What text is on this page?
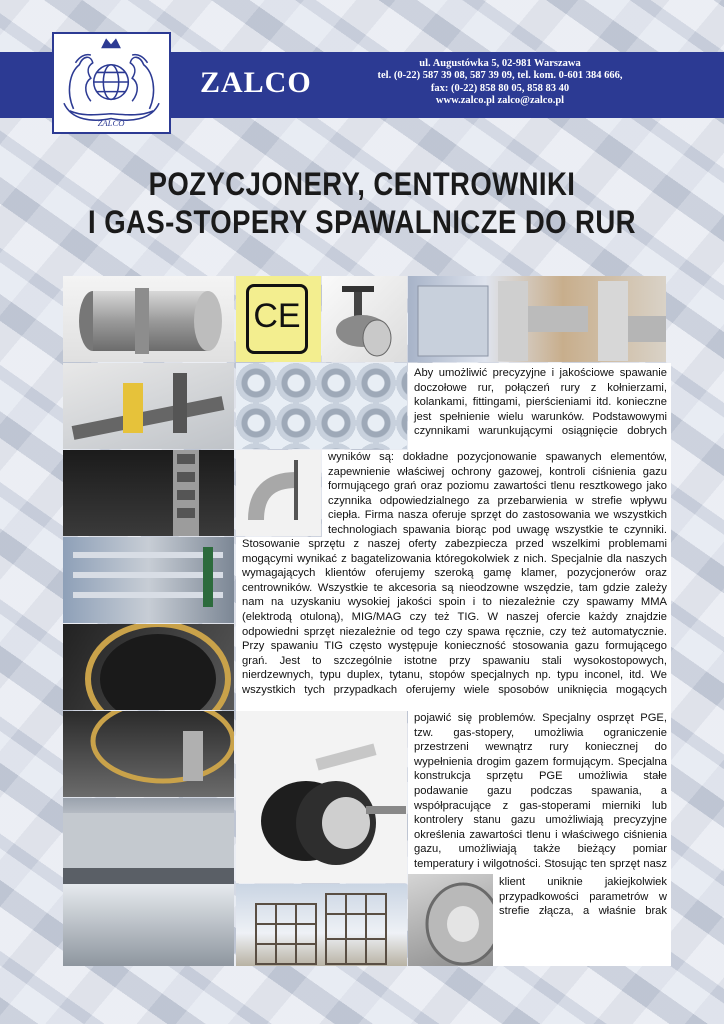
ZALCO
ZALCO
ul. Augustówka 5, 02-981 Warszawa
tel. (0-22) 587 39 08, 587 39 09, tel. kom. 0-601 384 666,
fax: (0-22) 858 80 05, 858 83 40
www.zalco.pl zalco@zalco.pl
POZYCJONERY, CENTROWNIKI
I GAS-STOPERY SPAWALNICZE DO RUR
CE
Aby umożliwić precyzyjne i jakościowe spawanie
doczołowe rur, połączeń rury z kołnierzami,
kolankami, fittingami, pierścieniami itd. konieczne
jest spełnienie wielu warunków. Podstawowymi
czynnikami warunkującymi osiągnięcie dobrych
wyników są: dokładne pozycjonowanie spawanych elementów,
zapewnienie właściwej ochrony gazowej, kontroli ciśnienia gazu
formującego grań oraz poziomu zawartości tlenu resztkowego jako
czynnika odpowiedzialnego za przebarwienia w strefie wpływu
ciepła. Firma nasza oferuje sprzęt do zastosowania we wszystkich
technologiach spawania biorąc pod uwagę wszystkie te czynniki.
Stosowanie sprzętu z naszej oferty zabezpiecza przed wszelkimi problemami
mogącymi wynikać z bagatelizowania któregokolwiek z nich. Specjalnie dla naszych
wymagających klientów oferujemy szeroką gamę klamer, pozycjonerów oraz
centrowników. Wszystkie te akcesoria są nieodzowne wszędzie, tam gdzie zależy
nam na uzyskaniu wysokiej jakości spoin i to niezależnie czy spawamy MMA
(elektrodą otuloną), MIG/MAG czy też TIG. W naszej ofercie każdy znajdzie
odpowiedni sprzęt niezależnie od tego czy spawa ręcznie, czy też automatycznie.
Przy spawaniu TIG często występuje konieczność stosowania gazu formującego
grań. Jest to szczególnie istotne przy spawaniu stali wysokostopowych,
nierdzewnych, typu duplex, tytanu, stopów specjalnych np. typu inconel, itd. We
wszystkich tych przypadkach oferujemy wiele sposobów uniknięcia mogących
pojawić się problemów. Specjalny osprzęt PGE,
tzw. gas-stopery, umożliwia ograniczenie
przestrzeni wewnątrz rury koniecznej do
wypełnienia drogim gazem formującym. Specjalna
konstrukcja sprzętu PGE umożliwia stałe
podawanie gazu podczas spawania, a
współpracujące z gas-stoperami mierniki lub
kontrolery stanu gazu umożliwiają precyzyjne
określenia zawartości tlenu i właściwego ciśnienia
gazu, umożliwiają także bieżący pomiar
temperatury i wilgotności. Stosując ten sprzęt nasz
klient uniknie jakiejkolwiek
przypadkowości parametrów w
strefie złącza, a właśnie brak
